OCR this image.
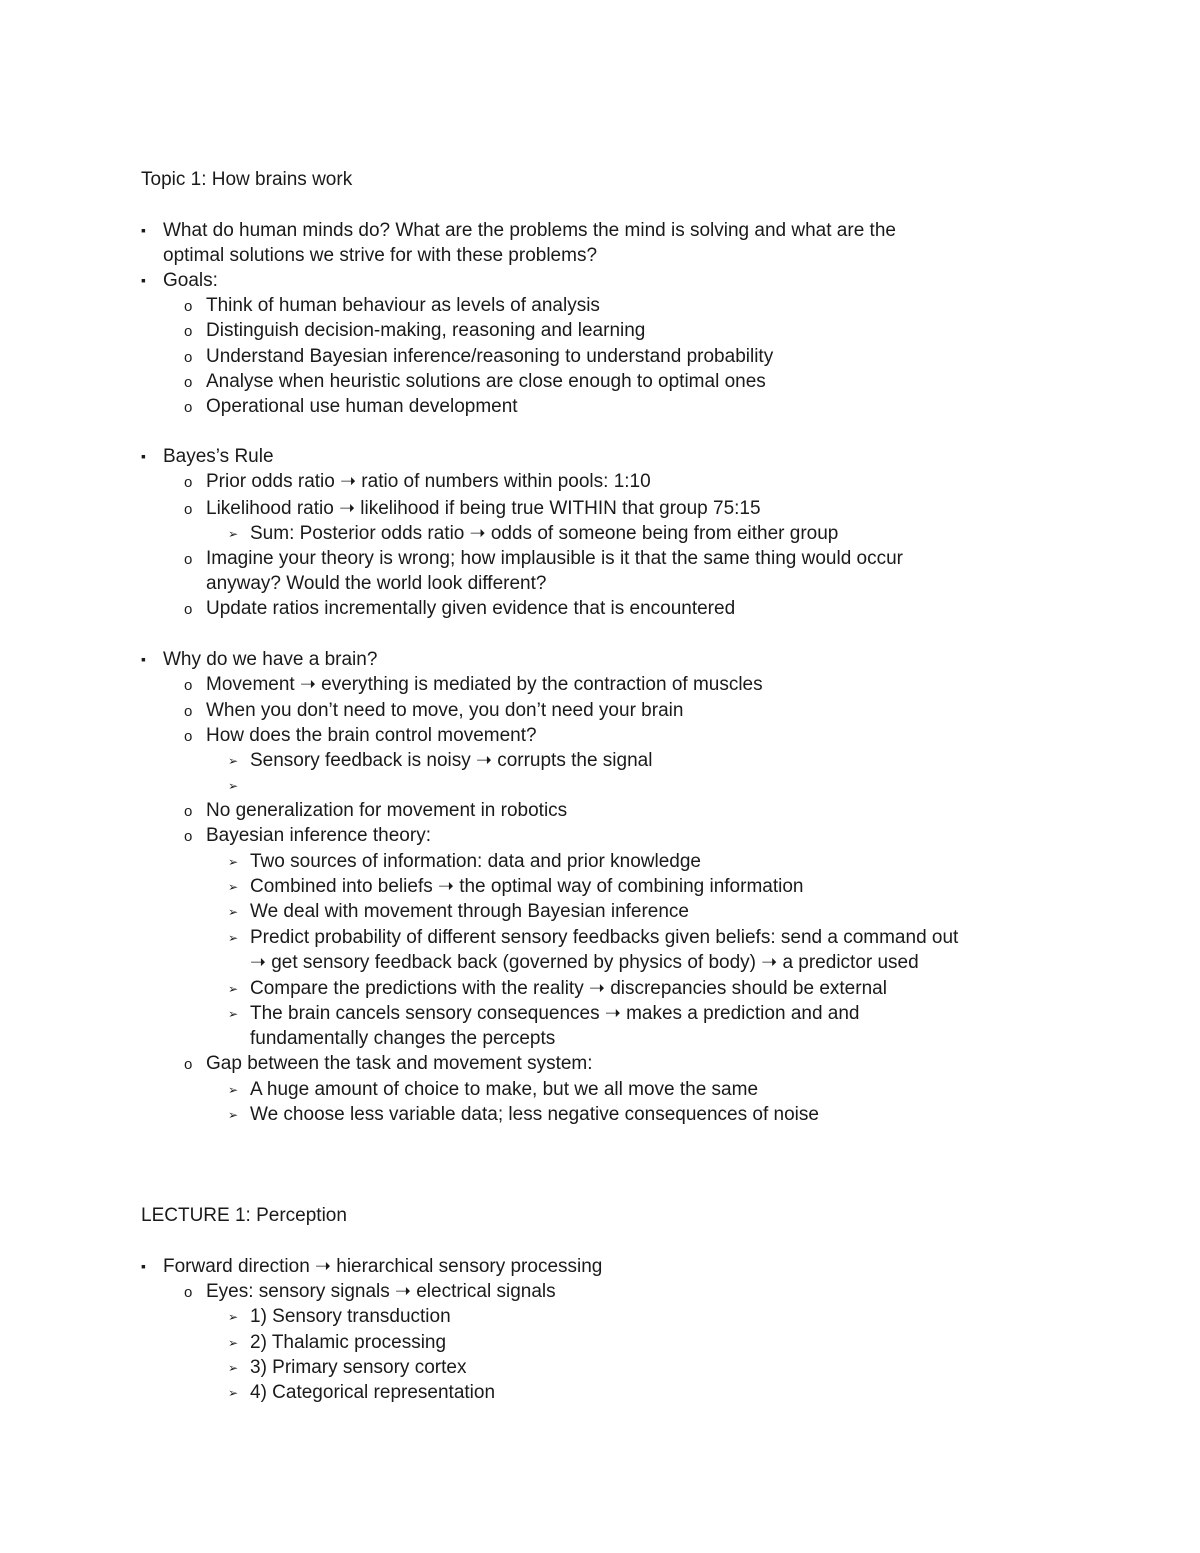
Topic 1: How brains work
▪ What do human minds do? What are the problems the mind is solving and what are the
optimal solutions we strive for with these problems?
▪ Goals:
o Think of human behaviour as levels of analysis
o Distinguish decision-making, reasoning and learning
o Understand Bayesian inference/reasoning to understand probability
o Analyse when heuristic solutions are close enough to optimal ones
o Operational use human development
▪ Bayes’s Rule
o Prior odds ratio ➝ ratio of numbers within pools: 1:10
o Likelihood ratio ➝ likelihood if being true WITHIN that group 75:15
➢ Sum: Posterior odds ratio ➝ odds of someone being from either group
o Imagine your theory is wrong; how implausible is it that the same thing would occur
anyway? Would the world look different?
o Update ratios incrementally given evidence that is encountered
▪ Why do we have a brain?
o Movement ➝ everything is mediated by the contraction of muscles
o When you don’t need to move, you don’t need your brain
o How does the brain control movement?
➢ Sensory feedback is noisy ➝ corrupts the signal
➢
o No generalization for movement in robotics
o Bayesian inference theory:
➢ Two sources of information: data and prior knowledge
➢ Combined into beliefs ➝ the optimal way of combining information
➢ We deal with movement through Bayesian inference
➢ Predict probability of different sensory feedbacks given beliefs: send a command out
➝ get sensory feedback back (governed by physics of body) ➝ a predictor used
➢ Compare the predictions with the reality ➝ discrepancies should be external
➢ The brain cancels sensory consequences ➝ makes a prediction and and
fundamentally changes the percepts
o Gap between the task and movement system:
➢ A huge amount of choice to make, but we all move the same
➢ We choose less variable data; less negative consequences of noise
LECTURE 1: Perception
▪ Forward direction ➝ hierarchical sensory processing
o Eyes: sensory signals ➝ electrical signals
➢ 1) Sensory transduction
➢ 2) Thalamic processing
➢ 3) Primary sensory cortex
➢ 4) Categorical representation
